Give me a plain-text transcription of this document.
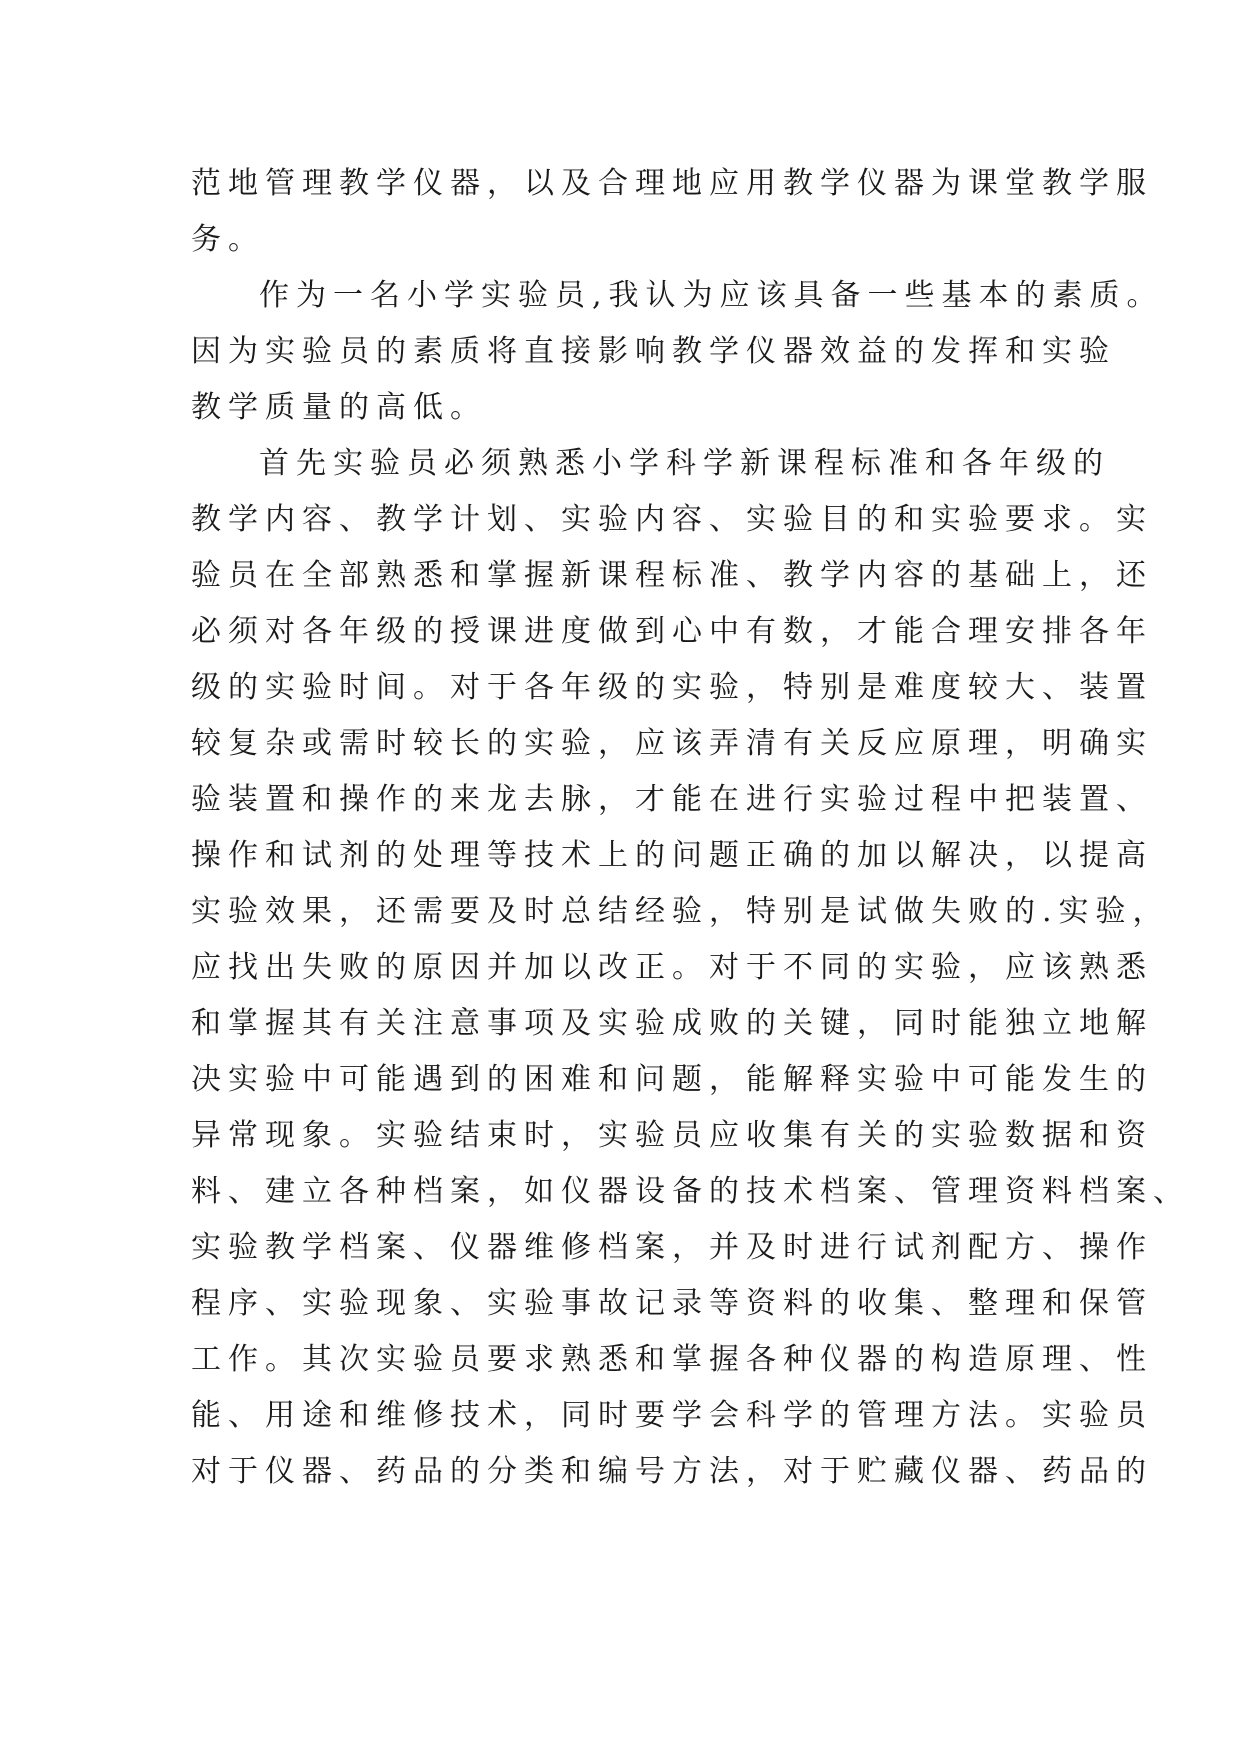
范地管理教学仪器，以及合理地应用教学仪器为课堂教学服
务。
作为一名小学实验员,我认为应该具备一些基本的素质。
因为实验员的素质将直接影响教学仪器效益的发挥和实验
教学质量的高低。
首先实验员必须熟悉小学科学新课程标准和各年级的
教学内容、教学计划、实验内容、实验目的和实验要求。实
验员在全部熟悉和掌握新课程标准、教学内容的基础上，还
必须对各年级的授课进度做到心中有数，才能合理安排各年
级的实验时间。对于各年级的实验，特别是难度较大、装置
较复杂或需时较长的实验，应该弄清有关反应原理，明确实
验装置和操作的来龙去脉，才能在进行实验过程中把装置、
操作和试剂的处理等技术上的问题正确的加以解决，以提高
实验效果，还需要及时总结经验，特别是试做失败的.实验，
应找出失败的原因并加以改正。对于不同的实验，应该熟悉
和掌握其有关注意事项及实验成败的关键，同时能独立地解
决实验中可能遇到的困难和问题，能解释实验中可能发生的
异常现象。实验结束时，实验员应收集有关的实验数据和资
料、建立各种档案，如仪器设备的技术档案、管理资料档案、
实验教学档案、仪器维修档案，并及时进行试剂配方、操作
程序、实验现象、实验事故记录等资料的收集、整理和保管
工作。其次实验员要求熟悉和掌握各种仪器的构造原理、性
能、用途和维修技术，同时要学会科学的管理方法。实验员
对于仪器、药品的分类和编号方法，对于贮藏仪器、药品的
